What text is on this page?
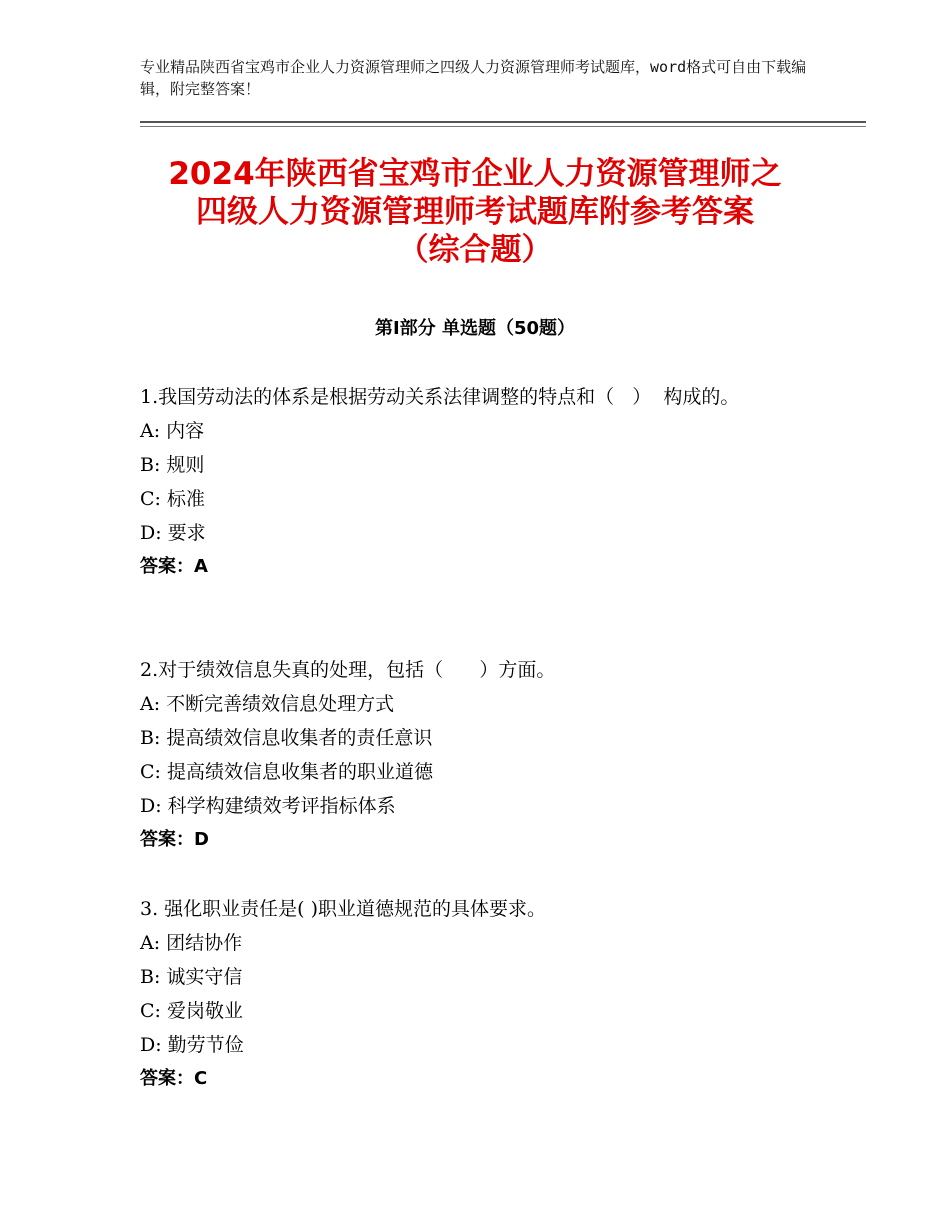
专业精品陕西省宝鸡市企业人力资源管理师之四级人力资源管理师考试题库，word格式可自由下载编辑，附完整答案！
2024年陕西省宝鸡市企业人力资源管理师之
四级人力资源管理师考试题库附参考答案
（综合题）
第Ⅰ部分 单选题（50题）
1.我国劳动法的体系是根据劳动关系法律调整的特点和（   ）  构成的。
A: 内容
B: 规则
C: 标准
D: 要求
答案：A
2.对于绩效信息失真的处理，包括（      ）方面。
A: 不断完善绩效信息处理方式
B: 提高绩效信息收集者的责任意识
C: 提高绩效信息收集者的职业道德
D: 科学构建绩效考评指标体系
答案：D
3. 强化职业责任是( )职业道德规范的具体要求。
A: 团结协作
B: 诚实守信
C: 爱岗敬业
D: 勤劳节俭
答案：C
